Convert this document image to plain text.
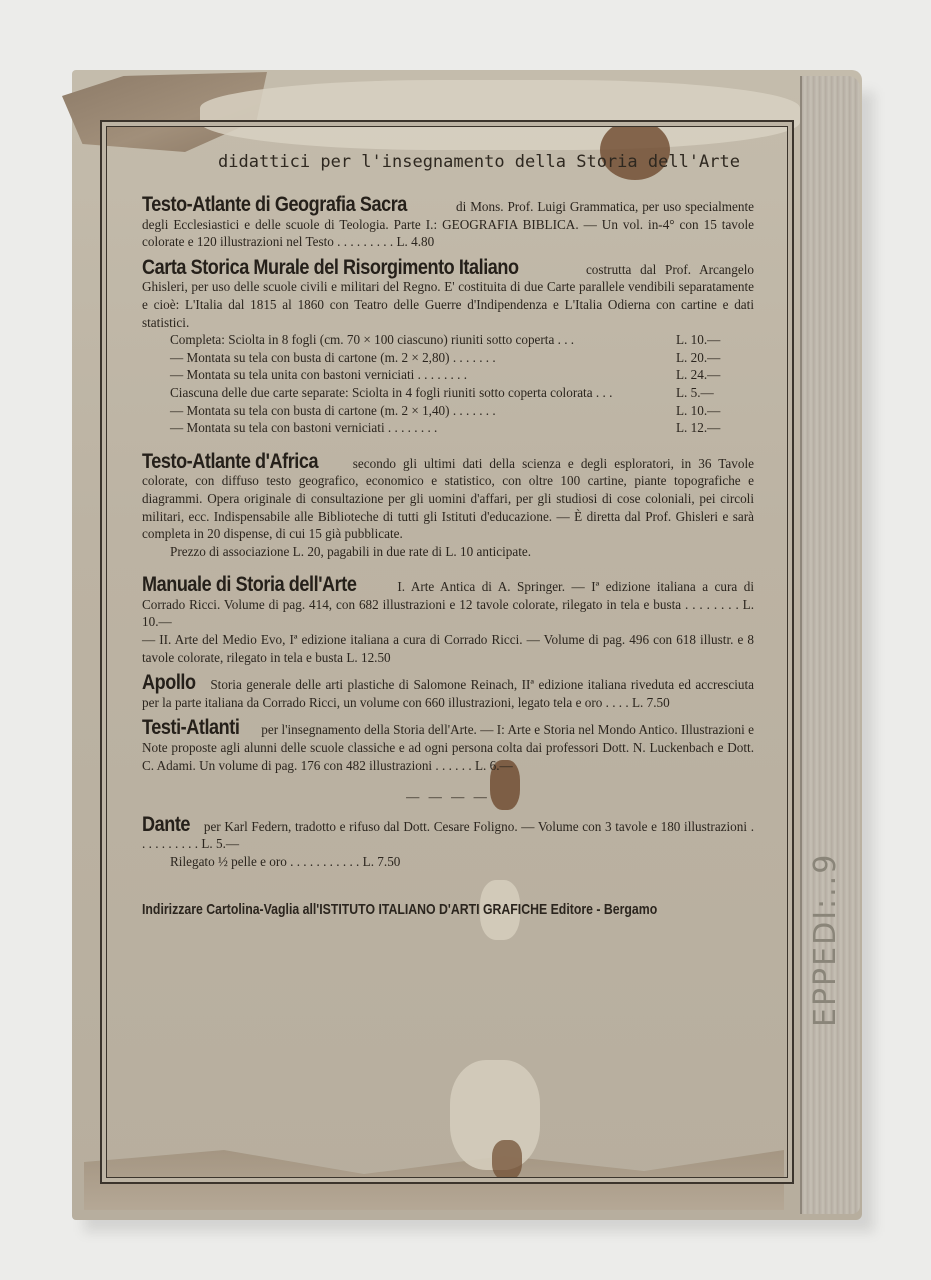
EPPEDI:..9
didattici per l'insegnamento della Storia dell'Arte

Testo-Atlante di Geografia Sacra	di Mons. Prof. Luigi Grammatica, per uso specialmente degli Ecclesiastici e delle scuole di Teologia. Parte I.: GEOGRAFIA BIBLICA. — Un vol. in-4° con 15 tavole colorate e 120 illustrazioni nel Testo . . . . . . . . . L. 4.80

Carta Storica Murale del Risorgimento Italiano	costrutta dal Prof. Arcangelo Ghisleri, per uso delle scuole civili e militari del Regno. E' costituita di due Carte parallele vendibili separatamente e cioè: L'Italia dal 1815 al 1860 con Teatro delle Guerre d'Indipendenza e L'Italia Odierna con cartine e dati statistici.

Completa: Sciolta in 8 fogli (cm. 70 × 100 ciascuno) riuniti sotto coperta . . .	L. 10.—
— Montata su tela con busta di cartone (m. 2 × 2,80) . . . . . . .	L. 20.—
— Montata su tela unita con bastoni verniciati . . . . . . . .	L. 24.—
Ciascuna delle due carte separate: Sciolta in 4 fogli riuniti sotto coperta colorata . . .	L. 5.—
— Montata su tela con busta di cartone (m. 2 × 1,40) . . . . . . .	L. 10.—
— Montata su tela con bastoni verniciati . . . . . . . .	L. 12.—

Testo-Atlante d'Africa	secondo gli ultimi dati della scienza e degli esploratori, in 36 Tavole colorate, con diffuso testo geografico, economico e statistico, con oltre 100 cartine, piante topografiche e diagrammi. Opera originale di consultazione per gli uomini d'affari, per gli studiosi di cose coloniali, pei circoli militari, ecc. Indispensabile alle Biblioteche di tutti gli Istituti d'educazione. — È diretta dal Prof. Ghisleri e sarà completa in 20 dispense, di cui 15 già pubblicate.

Prezzo di associazione L. 20, pagabili in due rate di L. 10 anticipate.

Manuale di Storia dell'Arte	I. Arte Antica di A. Springer. — Iª edizione italiana a cura di Corrado Ricci. Volume di pag. 414, con 682 illustrazioni e 12 tavole colorate, rilegato in tela e busta . . . . . . . . L. 10.—

— II. Arte del Medio Evo, Iª edizione italiana a cura di Corrado Ricci. — Volume di pag. 496 con 618 illustr. e 8 tavole colorate, rilegato in tela e busta L. 12.50

Apollo Storia generale delle arti plastiche di Salomone Reinach, IIª edizione italiana riveduta ed accresciuta per la parte italiana da Corrado Ricci, un volume con 660 illustrazioni, legato tela e oro . . . . L. 7.50

Testi-Atlanti per l'insegnamento della Storia dell'Arte. — I: Arte e Storia nel Mondo Antico. Illustrazioni e Note proposte agli alunni delle scuole classiche e ad ogni persona colta dai professori Dott. N. Luckenbach e Dott. C. Adami. Un volume di pag. 176 con 482 illustrazioni . . . . . . L. 6.—

— — — —

Dante per Karl Federn, tradotto e rifuso dal Dott. Cesare Foligno. — Volume con 3 tavole e 180 illustrazioni . . . . . . . . . . L. 5.—

Rilegato ½ pelle e oro . . . . . . . . . . . L. 7.50

Indirizzare Cartolina-Vaglia all'ISTITUTO ITALIANO D'ARTI GRAFICHE Editore - Bergamo
